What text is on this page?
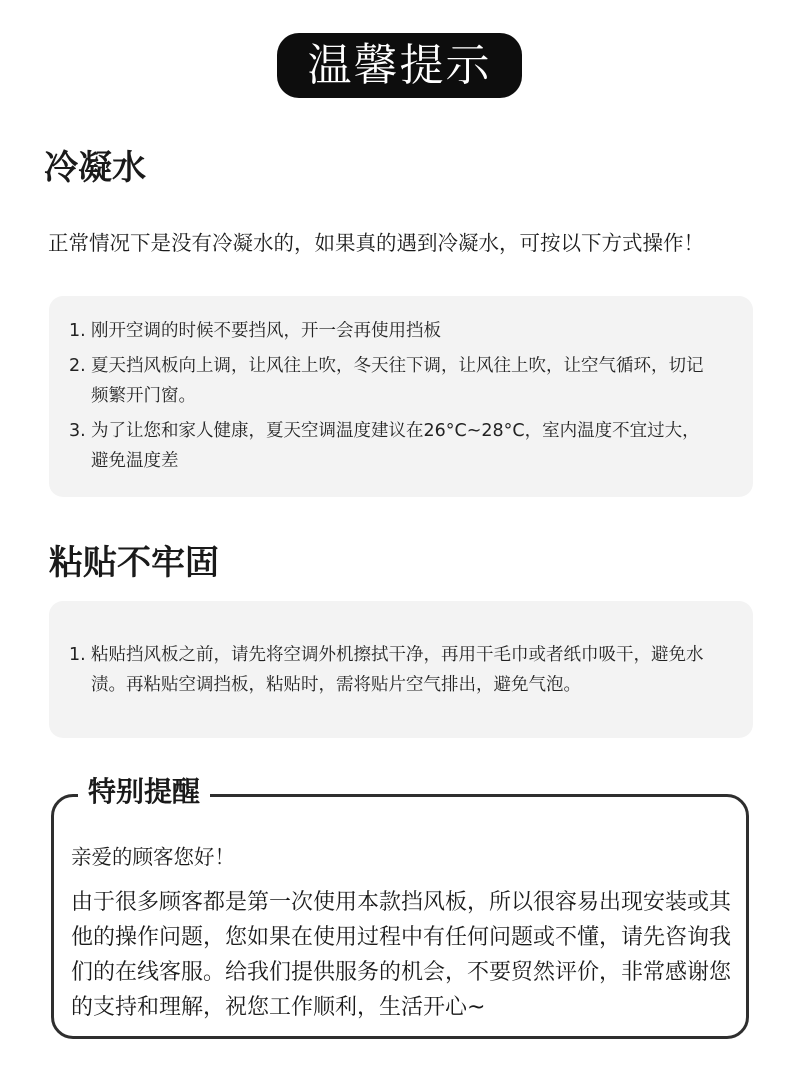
温馨提示
冷凝水
正常情况下是没有冷凝水的，如果真的遇到冷凝水，可按以下方式操作！
1. 刚开空调的时候不要挡风，开一会再使用挡板
2. 夏天挡风板向上调，让风往上吹，冬天往下调，让风往上吹，让空气循环，切记频繁开门窗。
3. 为了让您和家人健康，夏天空调温度建议在26°C~28°C，室内温度不宜过大，避免温度差
粘贴不牢固
1. 粘贴挡风板之前，请先将空调外机擦拭干净，再用干毛巾或者纸巾吸干，避免水渍。再粘贴空调挡板，粘贴时，需将贴片空气排出，避免气泡。
特别提醒
亲爱的顾客您好！
由于很多顾客都是第一次使用本款挡风板，所以很容易出现安装或其他的操作问题，您如果在使用过程中有任何问题或不懂，请先咨询我们的在线客服。给我们提供服务的机会，不要贸然评价，非常感谢您的支持和理解，祝您工作顺利，生活开心~
